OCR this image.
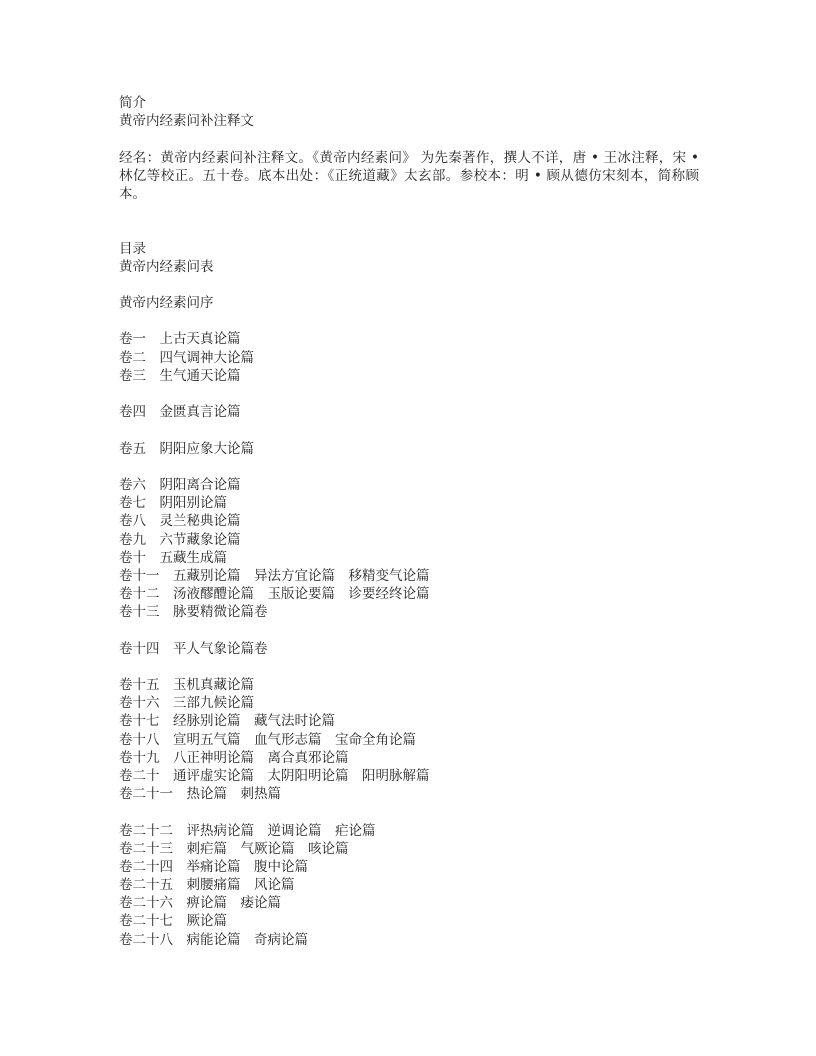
简介
黄帝内经素问补注释文
经名：黄帝内经素问补注释文。《黄帝内经素问》 为先秦著作，撰人不详，唐 • 王冰注释，宋 • 林亿等校正。五十卷。底本出处：《正统道藏》太玄部。参校本：明 • 顾从德仿宋刻本，简称顾本。
目录
黄帝内经素问表
黄帝内经素问序
卷一 上古天真论篇
卷二 四气调神大论篇
卷三 生气通天论篇
卷四 金匮真言论篇
卷五 阴阳应象大论篇
卷六 阴阳离合论篇
卷七 阴阳别论篇
卷八 灵兰秘典论篇
卷九 六节藏象论篇
卷十 五藏生成篇
卷十一 五藏别论篇 异法方宜论篇 移精变气论篇
卷十二 汤液醪醴论篇 玉版论要篇 诊要经终论篇
卷十三 脉要精微论篇卷
卷十四 平人气象论篇卷
卷十五 玉机真藏论篇
卷十六 三部九候论篇
卷十七 经脉别论篇 藏气法时论篇
卷十八 宣明五气篇 血气形志篇 宝命全角论篇
卷十九 八正神明论篇 离合真邪论篇
卷二十 通评虚实论篇 太阴阳明论篇 阳明脉解篇
卷二十一 热论篇 刺热篇
卷二十二 评热病论篇 逆调论篇 疟论篇
卷二十三 刺疟篇 气厥论篇 咳论篇
卷二十四 举痛论篇 腹中论篇
卷二十五 刺腰痛篇 风论篇
卷二十六 痹论篇 痿论篇
卷二十七 厥论篇
卷二十八 病能论篇 奇病论篇
